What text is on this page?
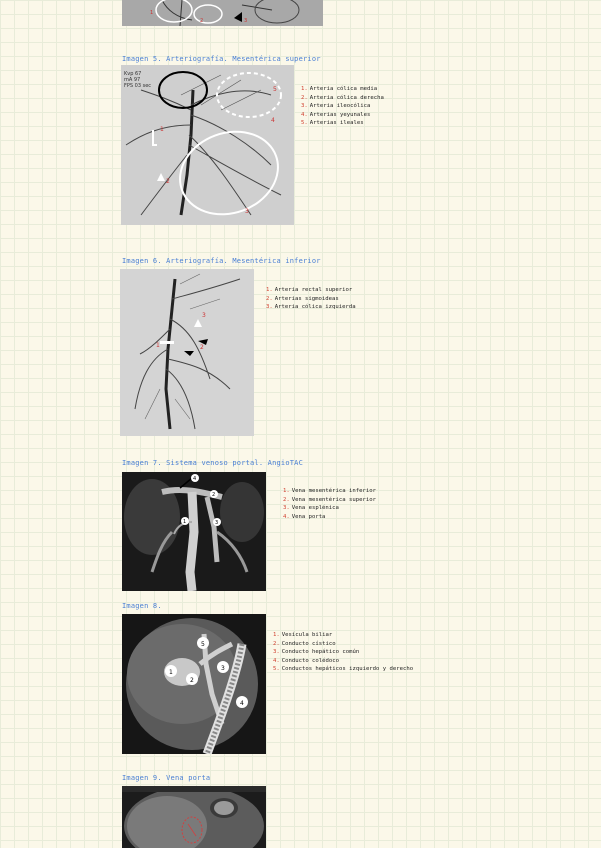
1
2	3
Imagen 5. Arteriografía. Mesentérica superior
Kvp 67
mA 97
FPS 03 sec
1
2
3
4
5	1. Arteria cólica media
2. Arteria cólica derecha
3. Arteria ileocólica
4. Arterias yeyunales
5. Arterias ileales
Imagen 6. Arteriografía. Mesentérica inferior
1	2
3
1. Arteria rectal superior
2. Arterias sigmoideas
3. Arteria cólica izquierda
Imagen 7. Sistema venoso portal. AngioTAC
4
2
1	3
1. Vena mesentérica inferior
2. Vena mesentérica superior
3. Vena esplénica
4. Vena porta
Imagen 8.
5
1
2
3
4
1. Vesícula biliar
2. Conducto cístico
3. Conducto hepático común
4. Conducto colédoco
5. Conductos hepáticos izquierdo y derecho
Imagen 9. Vena porta
